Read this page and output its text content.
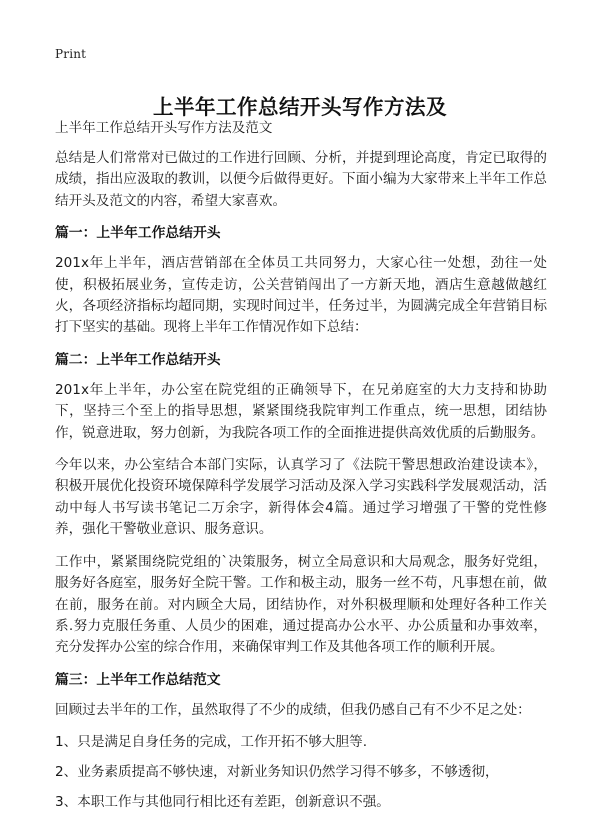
Print
上半年工作总结开头写作方法及
上半年工作总结开头写作方法及范文

总结是人们常常对已做过的工作进行回顾、分析，并提到理论高度，肯定已取得的成绩，指出应汲取的教训，以便今后做得更好。下面小编为大家带来上半年工作总结开头及范文的内容，希望大家喜欢。

篇一：上半年工作总结开头

201x年上半年，酒店营销部在全体员工共同努力，大家心往一处想，劲往一处使，积极拓展业务，宣传走访，公关营销闯出了一方新天地，酒店生意越做越红火，各项经济指标均超同期，实现时间过半，任务过半，为圆满完成全年营销目标打下坚实的基础。现将上半年工作情况作如下总结：

篇二：上半年工作总结开头

201x年上半年，办公室在院党组的正确领导下，在兄弟庭室的大力支持和协助下，坚持三个至上的指导思想，紧紧围绕我院审判工作重点，统一思想，团结协作，锐意进取，努力创新，为我院各项工作的全面推进提供高效优质的后勤服务。

今年以来，办公室结合本部门实际，认真学习了《法院干警思想政治建设读本》，积极开展优化投资环境保障科学发展学习活动及深入学习实践科学发展观活动，活动中每人书写读书笔记二万余字，新得体会4篇。通过学习增强了干警的党性修养，强化干警敬业意识、服务意识。

工作中，紧紧围绕院党组的`决策服务，树立全局意识和大局观念，服务好党组，服务好各庭室，服务好全院干警。工作和极主动，服务一丝不苟，凡事想在前，做在前，服务在前。对内顾全大局，团结协作，对外积极理顺和处理好各种工作关系.努力克服任务重、人员少的困难，通过提高办公水平、办公质量和办事效率，充分发挥办公室的综合作用，来确保审判工作及其他各项工作的顺利开展。

篇三：上半年工作总结范文

回顾过去半年的工作，虽然取得了不少的成绩，但我仍感自己有不少不足之处：

1、只是满足自身任务的完成，工作开拓不够大胆等.
2、业务素质提高不够快速，对新业务知识仍然学习得不够多，不够透彻，
3、本职工作与其他同行相比还有差距，创新意识不强。
